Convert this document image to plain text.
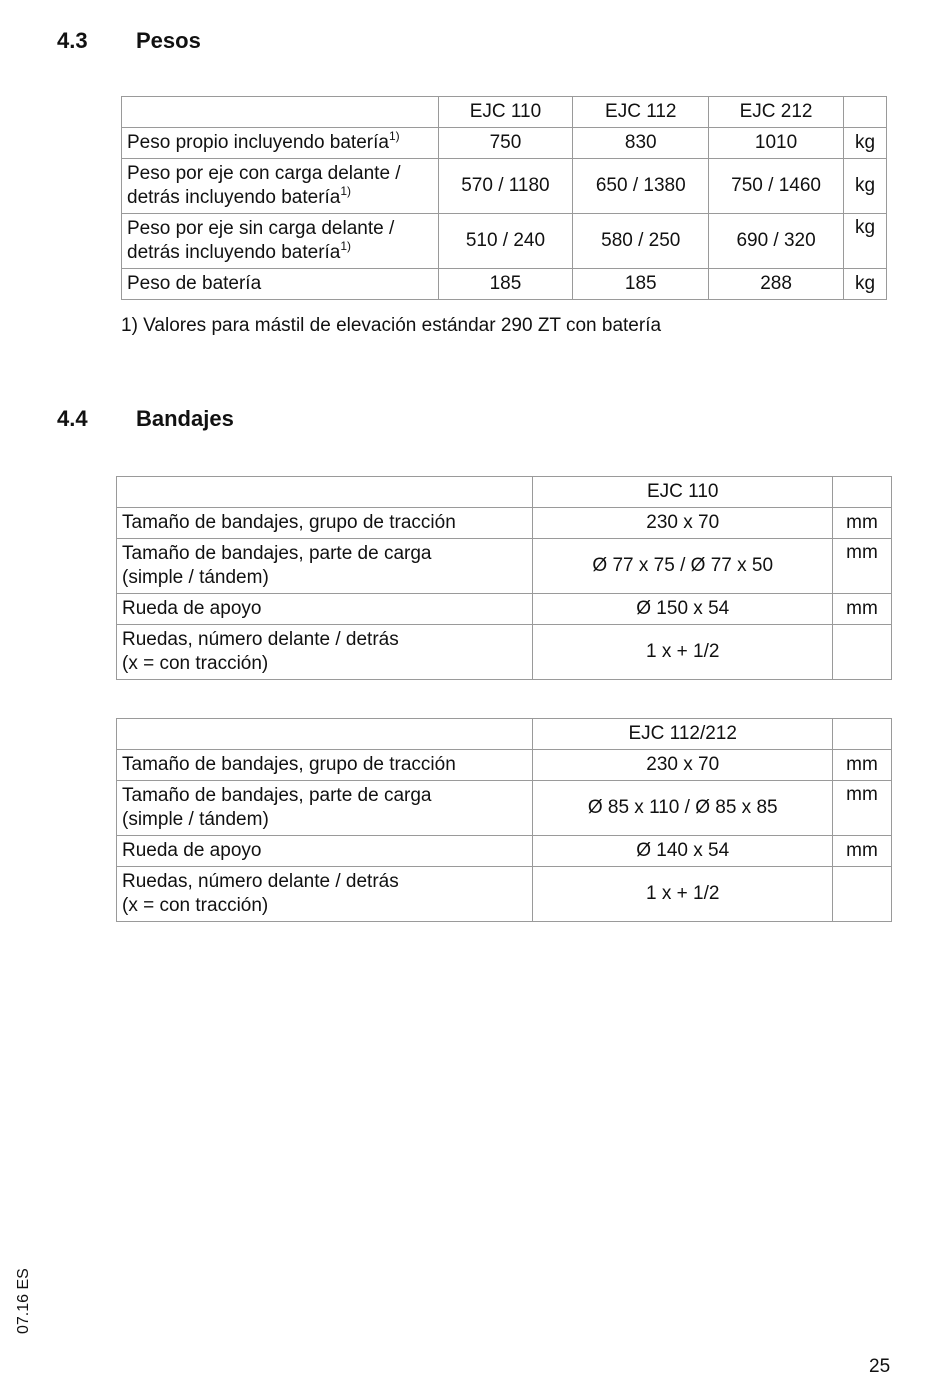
4.3 Pesos
	EJC 110	EJC 112	EJC 212	
Peso propio incluyendo batería$^{1)}$	750	830	1010	kg

Peso por eje con carga delante /
detrás incluyendo batería$^{1)}$	570 / 1180	650 / 1380	750 / 1460	kg

Peso por eje sin carga delante /
detrás incluyendo batería$^{1)}$	510 / 240	580 / 250	690 / 320	kg
Peso de batería	185	185	288	kg
1) Valores para mástil de elevación estándar 290 ZT con batería
4.4 Bandajes
	EJC 110	
Tamaño de bandajes, grupo de tracción	230 x 70	mm

Tamaño de bandajes, parte de carga
(simple / tándem)	Ø 77 x 75 / Ø 77 x 50	mm
Rueda de apoyo	Ø 150 x 54	mm

Ruedas, número delante / detrás
(x = con tracción)	1 x + 1/2	
	EJC 112/212	
Tamaño de bandajes, grupo de tracción	230 x 70	mm

Tamaño de bandajes, parte de carga
(simple / tándem)	Ø 85 x 110 / Ø 85 x 85	mm
Rueda de apoyo	Ø 140 x 54	mm

Ruedas, número delante / detrás
(x = con tracción)	1 x + 1/2	
07.16 ES
25
